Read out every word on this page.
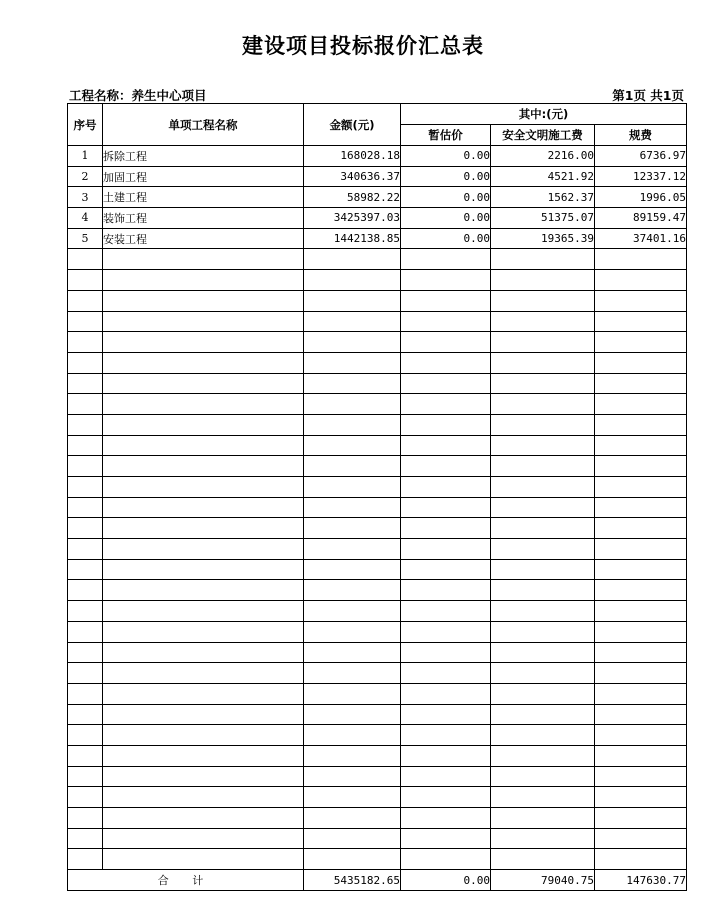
建设项目投标报价汇总表
工程名称：养生中心项目	第1页 共1页
序号	单项工程名称	金额(元)	其中:(元)		
			暂估价	安全文明施工费	规费
1	拆除工程	168028.18	0.00	2216.00	6736.97
2	加固工程	340636.37	0.00	4521.92	12337.12
3	土建工程	58982.22	0.00	1562.37	1996.05
4	装饰工程	3425397.03	0.00	51375.07	89159.47
5	安装工程	1442138.85	0.00	19365.39	37401.16

合 计		5435182.65	0.00	79040.75	147630.77
